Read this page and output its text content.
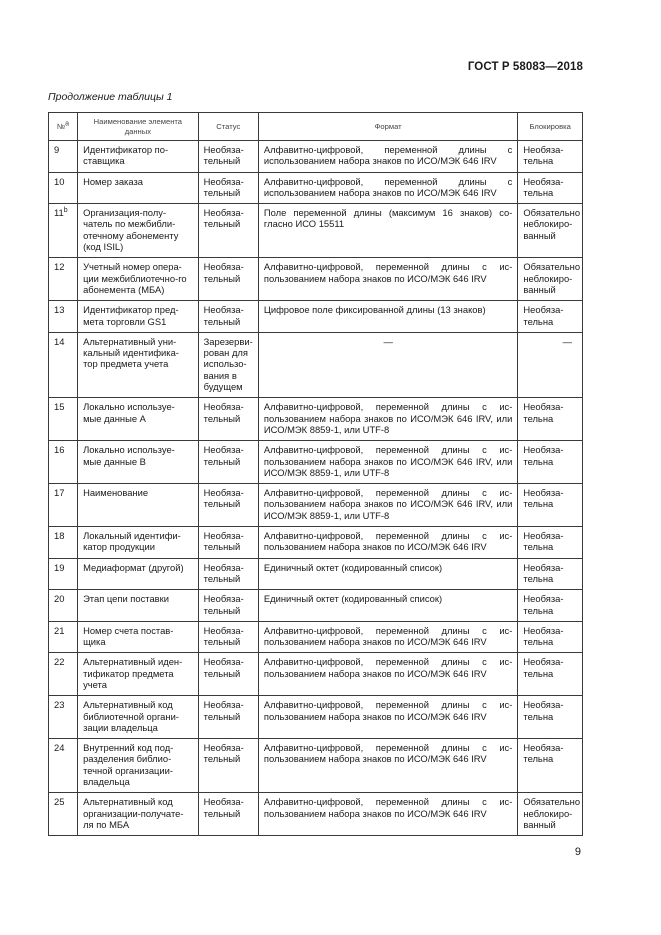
ГОСТ Р 58083—2018
Продолжение таблицы 1
№$^а$	Наименование элемента данных	Статус	Формат	Блокировка
9	Идентификатор по-ставщика	Необяза-тельный	Алфавитно-цифровой, переменной длины с использованием набора знаков по ИСО/МЭК 646 IRV	Необяза-тельна
10	Номер заказа	Необяза-тельный	Алфавитно-цифровой, переменной длины с использованием набора знаков по ИСО/МЭК 646 IRV	Необяза-тельна
11$^b$	Организация-полу-чатель по межбибли-отечному абонементу (код ISIL)	Необяза-тельный	Поле переменной длины (максимум 16 знаков) со-гласно ИСО 15511	Обязательно неблокиро-ванный
12	Учетный номер опера-ции межбиблиотечно-го абонемента (МБА)	Необяза-тельный	Алфавитно-цифровой, переменной длины с ис-пользованием набора знаков по ИСО/МЭК 646 IRV	Обязательно неблокиро-ванный
13	Идентификатор пред-мета торговли GS1	Необяза-тельный	Цифровое поле фиксированной длины (13 знаков)	Необяза-тельна
14	Альтернативный уни-кальный идентифика-тор предмета учета	Зарезерви-рован для использо-вания в будущем	—	—
15	Локально используе-мые данные А	Необяза-тельный	Алфавитно-цифровой, переменной длины с ис-пользованием набора знаков по ИСО/МЭК 646 IRV, или ИСО/МЭК 8859-1, или UTF-8	Необяза-тельна
16	Локально используе-мые данные В	Необяза-тельный	Алфавитно-цифровой, переменной длины с ис-пользованием набора знаков по ИСО/МЭК 646 IRV, или ИСО/МЭК 8859-1, или UTF-8	Необяза-тельна
17	Наименование	Необяза-тельный	Алфавитно-цифровой, переменной длины с ис-пользованием набора знаков по ИСО/МЭК 646 IRV, или ИСО/МЭК 8859-1, или UTF-8	Необяза-тельна
18	Локальный идентифи-катор продукции	Необяза-тельный	Алфавитно-цифровой, переменной длины с ис-пользованием набора знаков по ИСО/МЭК 646 IRV	Необяза-тельна
19	Медиаформат (другой)	Необяза-тельный	Единичный октет (кодированный список)	Необяза-тельна
20	Этап цепи поставки	Необяза-тельный	Единичный октет (кодированный список)	Необяза-тельна
21	Номер счета постав-щика	Необяза-тельный	Алфавитно-цифровой, переменной длины с ис-пользованием набора знаков по ИСО/МЭК 646 IRV	Необяза-тельна
22	Альтернативный иден-тификатор предмета учета	Необяза-тельный	Алфавитно-цифровой, переменной длины с ис-пользованием набора знаков по ИСО/МЭК 646 IRV	Необяза-тельна
23	Альтернативный код библиотечной органи-зации владельца	Необяза-тельный	Алфавитно-цифровой, переменной длины с ис-пользованием набора знаков по ИСО/МЭК 646 IRV	Необяза-тельна
24	Внутренний код под-разделения библио-течной организации-владельца	Необяза-тельный	Алфавитно-цифровой, переменной длины с ис-пользованием набора знаков по ИСО/МЭК 646 IRV	Необяза-тельна
25	Альтернативный код организации-получате-ля по МБА	Необяза-тельный	Алфавитно-цифровой, переменной длины с ис-пользованием набора знаков по ИСО/МЭК 646 IRV	Обязательно неблокиро-ванный
9
